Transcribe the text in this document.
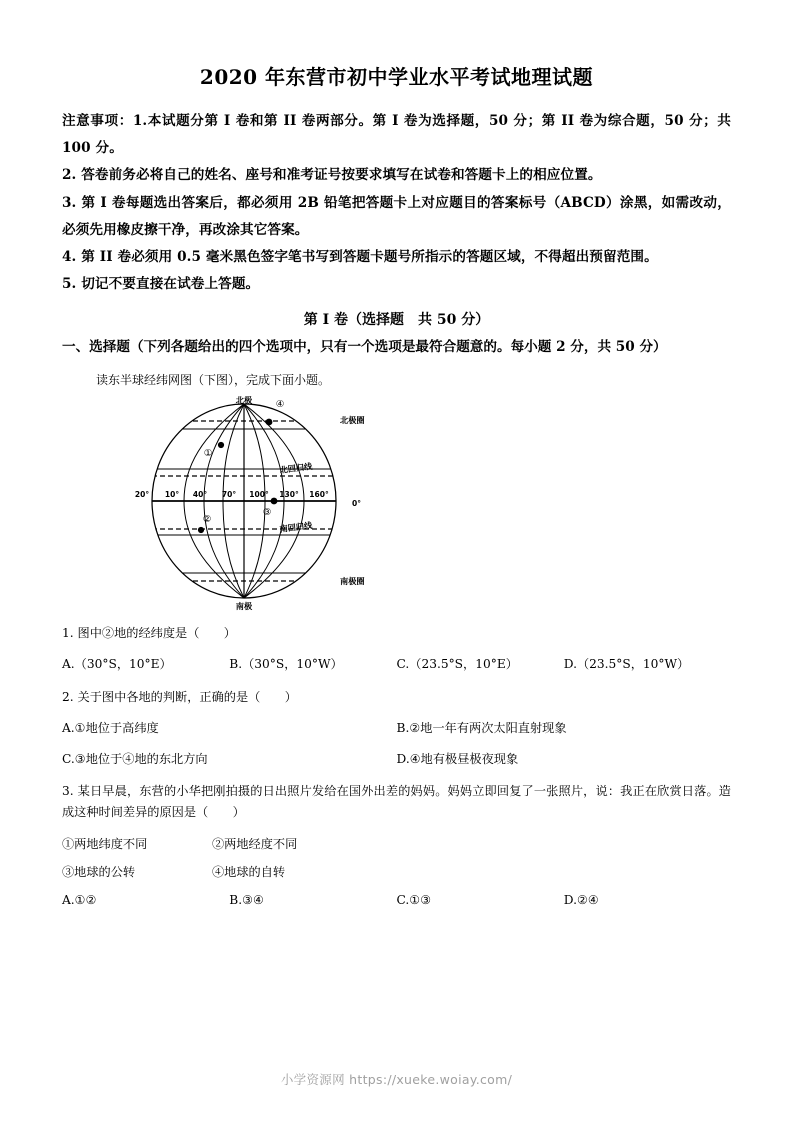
2020 年东营市初中学业水平考试地理试题

注意事项：1.本试题分第 I 卷和第 II 卷两部分。第 I 卷为选择题，50 分；第 II 卷为综合题，50 分；共 100 分。

2. 答卷前务必将自己的姓名、座号和准考证号按要求填写在试卷和答题卡上的相应位置。

3. 第 I 卷每题选出答案后，都必须用 2B 铅笔把答题卡上对应题目的答案标号（ABCD）涂黑，如需改动，必须先用橡皮擦干净，再改涂其它答案。

4. 第 II 卷必须用 0.5 毫米黑色签字笔书写到答题卡题号所指示的答题区域，不得超出预留范围。

5. 切记不要直接在试卷上答题。

第 I 卷（选择题　共 50 分）

一、选择题（下列各题给出的四个选项中，只有一个选项是最符合题意的。每小题 2 分，共 50 分）

读东半球经纬网图（下图），完成下面小题。

北极
南极
北极圈
南极圈
北回归线
南回归线
20° 10° 40° 70° 100° 130° 160°
0°
①
②
③
④

1. 图中②地的经纬度是（　　）

A.（30°S，10°E）	B.（30°S，10°W）	C.（23.5°S，10°E）	D.（23.5°S，10°W）

2. 关于图中各地的判断，正确的是（　　）

A.①地位于高纬度	B.②地一年有两次太阳直射现象
C.③地位于④地的东北方向	D.④地有极昼极夜现象

3. 某日早晨，东营的小华把刚拍摄的日出照片发给在国外出差的妈妈。妈妈立即回复了一张照片，说：我正在欣赏日落。造成这种时间差异的原因是（　　）

①两地纬度不同	②两地经度不同
③地球的公转	④地球的自转
A.①②	B.③④	C.①③	D.②④
小学资源网 https://xueke.woiay.com/
